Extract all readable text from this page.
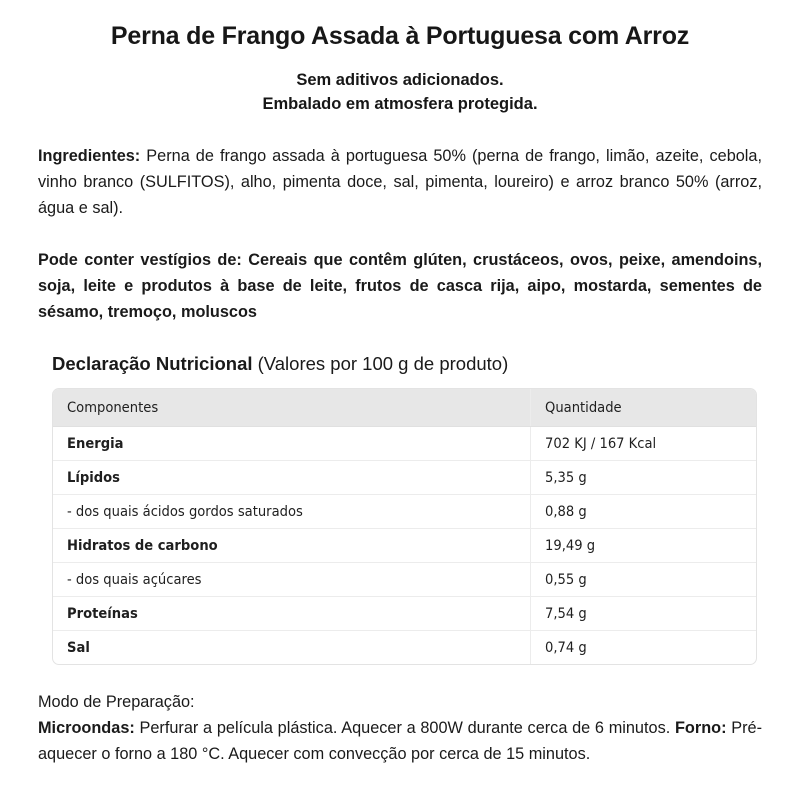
Perna de Frango Assada à Portuguesa com Arroz
Sem aditivos adicionados.
Embalado em atmosfera protegida.

Ingredientes: Perna de frango assada à portuguesa 50% (perna de frango, limão, azeite, cebola, vinho branco (SULFITOS), alho, pimenta doce, sal, pimenta, loureiro) e arroz branco 50% (arroz, água e sal).

Pode conter vestígios de: Cereais que contêm glúten, crustáceos, ovos, peixe, amendoins, soja, leite e produtos à base de leite, frutos de casca rija, aipo, mostarda, sementes de sésamo, tremoço, moluscos

Declaração Nutricional (Valores por 100 g de produto)
Componentes	Quantidade
Energia	702 KJ / 167 Kcal
Lípidos	5,35 g
- dos quais ácidos gordos saturados	0,88 g
Hidratos de carbono	19,49 g
- dos quais açúcares	0,55 g
Proteínas	7,54 g
Sal	0,74 g
Modo de Preparação:

Microondas: Perfurar a película plástica. Aquecer a 800W durante cerca de 6 minutos. Forno: Pré-aquecer o forno a 180 °C. Aquecer com convecção por cerca de 15 minutos.
